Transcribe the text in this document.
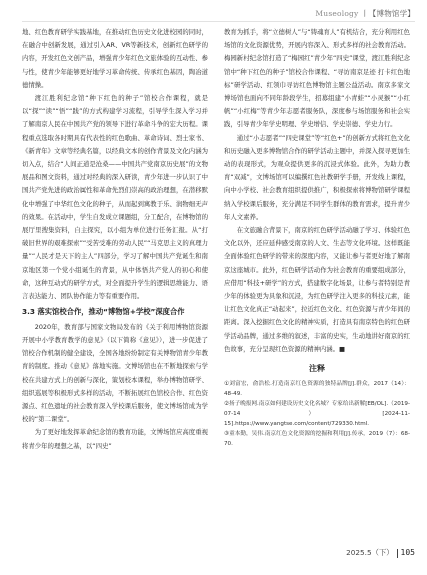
Museology 丨【博物馆学】

地、红色教育研学实践基地，在推动红色历史文化进校园的同时，在融合中创新发展，通过引入AR、VR等新技术，创新红色研学的内容，开发红色文创产品，增强青少年红色文旅体验的互动性、参与性，使青少年能够更好地学习革命传统、传承红色基因，陶冶道德情操。

渡江胜利纪念馆“种下红色的种子”馆校合作课程，就是以“探”“读”“悟”“践”的方式构建学习流程，引导学生深入学习并了解南京人民在中国共产党的领导下进行革命斗争的宏大历程。课程重点选取各时期具有代表性的红色歌曲、革命诗词、烈士家书、《新青年》文章等经典名篇，以经典文本的创作背景及文化内涵为切入点，结合“人间正道是沧桑——中国共产党南京历史展”的文物展品和图文资料，通过对经典的深入研读，青少年进一步认识了中国共产党先进的政治属性和革命先烈们崇高的政治理想，在潜移默化中增强了中华红色文化的种子，从而起到寓教于乐、润物细无声的效果。在活动中，学生自发成立课题组，分工配合，在博物馆的展厅里搜集资料，自主探究，以小组为单位进行任务汇报。从“打破旧世界的艰难探索”“受苦受难的劳动人民”“马克思主义的真理力量”“人民才是天下的主人”四部分，学习了解中国共产党诞生和南京地区第一个党小组诞生的背景，从中体悟共产党人的初心和使命，这种互动式的研学方式，对全面提升学生的逻辑思维能力、语言表达能力、团队协作能力等有重要作用。

3.3 落实馆校合作，推动“博物馆+学校”深度合作

2020年，教育部与国家文物局发布的《关于利用博物馆资源开展中小学教育教学的意见》（以下简称《意见》），进一步促进了馆校合作机制的健全建设，全国各地纷纷制定有关博物馆青少年教育的制度。推动《意见》落地实施。文博场馆也在不断地探索与学校在共建方式上的创新与深化，策划校本课程，举办博物馆研学、组织巡展等积极形式多样的活动，不断拓展红色馆校合作、红色资源点、红色遗址的社会教育深入学校课后服务，使文博场馆成为学校的“第二课堂”。

为了更好地发挥革命纪念馆的教育功能，文博场馆应高度重视将青少年的理想之基，以“四史”

教育为抓手，将“立德树人”与“铸魂育人”有机结合，充分利用红色场馆的文化资源优势，开展内容深入、形式多样的社会教育活动。梅园新村纪念馆打造了“梅园红”青少年“四史”课堂，渡江胜利纪念馆中“种下红色的种子”馆校合作课程、“寻访南京足迹 打卡红色地标”研学活动、红领巾寻访红色博物馆主题公益活动。南京多家文博场馆也面向不同年龄段学生，招募组建“小青蛙”“小灵猴”“小红帆”“小红梅”等青少年志愿者服务队，深度参与场馆服务和社会实践，引导青少年学史明理、学史增信、学史崇德、学史力行。

通过“小志愿者”“四史课堂”等“红色+”的创新方式将红色文化和历史融入更多博物馆合作的研学活动主题中，并深入探寻更加生动的表现形式，为观众提供更多的沉浸式体验。此外，为助力教育“双减”，文博场馆可以编撰红色社教研学手册，开发线上课程，向中小学校、社会教育组织提供推广，积极探索将博物馆研学课程纳入学校课后服务，充分满足不同学生群体的教育需求，提升青少年人文素养。

在文旅融合背景下，南京的红色研学活动融了学习、体验红色文化以外，还应延伸感受南京的人文、生态等文化环境。这样既能全面体验红色研学的带来的深度内容，又能让参与者更好地了解南京这座城市。此外，红色研学活动作为社会教育的重要组成部分，应借用“科技+研学”的方式，搭建数字化场景，让参与者特别是青少年的体验更为具象和沉浸，为红色研学注入更多的科技元素，能让红色文化真正“动起来”，拉近红色文化、红色资源与青少年间的距离。深入挖掘红色文化的精神实质，打造具有南京特色的红色研学活动品牌，通过多维的叙述，丰富的史实，生动地讲好南京的红色故事，充分呈现红色资源的精神内涵。■

注释

①刘富宏，俞浩松.打造南京红色资源的独特品牌[J].群众，2017（14）：48-49.

②扬子晚报网.南京如何建设历史文化名城？专家给出新解[EB/OL].（2019-07-14）[2024-11-15].https://www.yangtse.com/content/729330.html.

③童本勤，吴伟.南京红色文化资源的挖掘和利用[J].传承，2019（7）：68-70.

2025.5（下） 105
